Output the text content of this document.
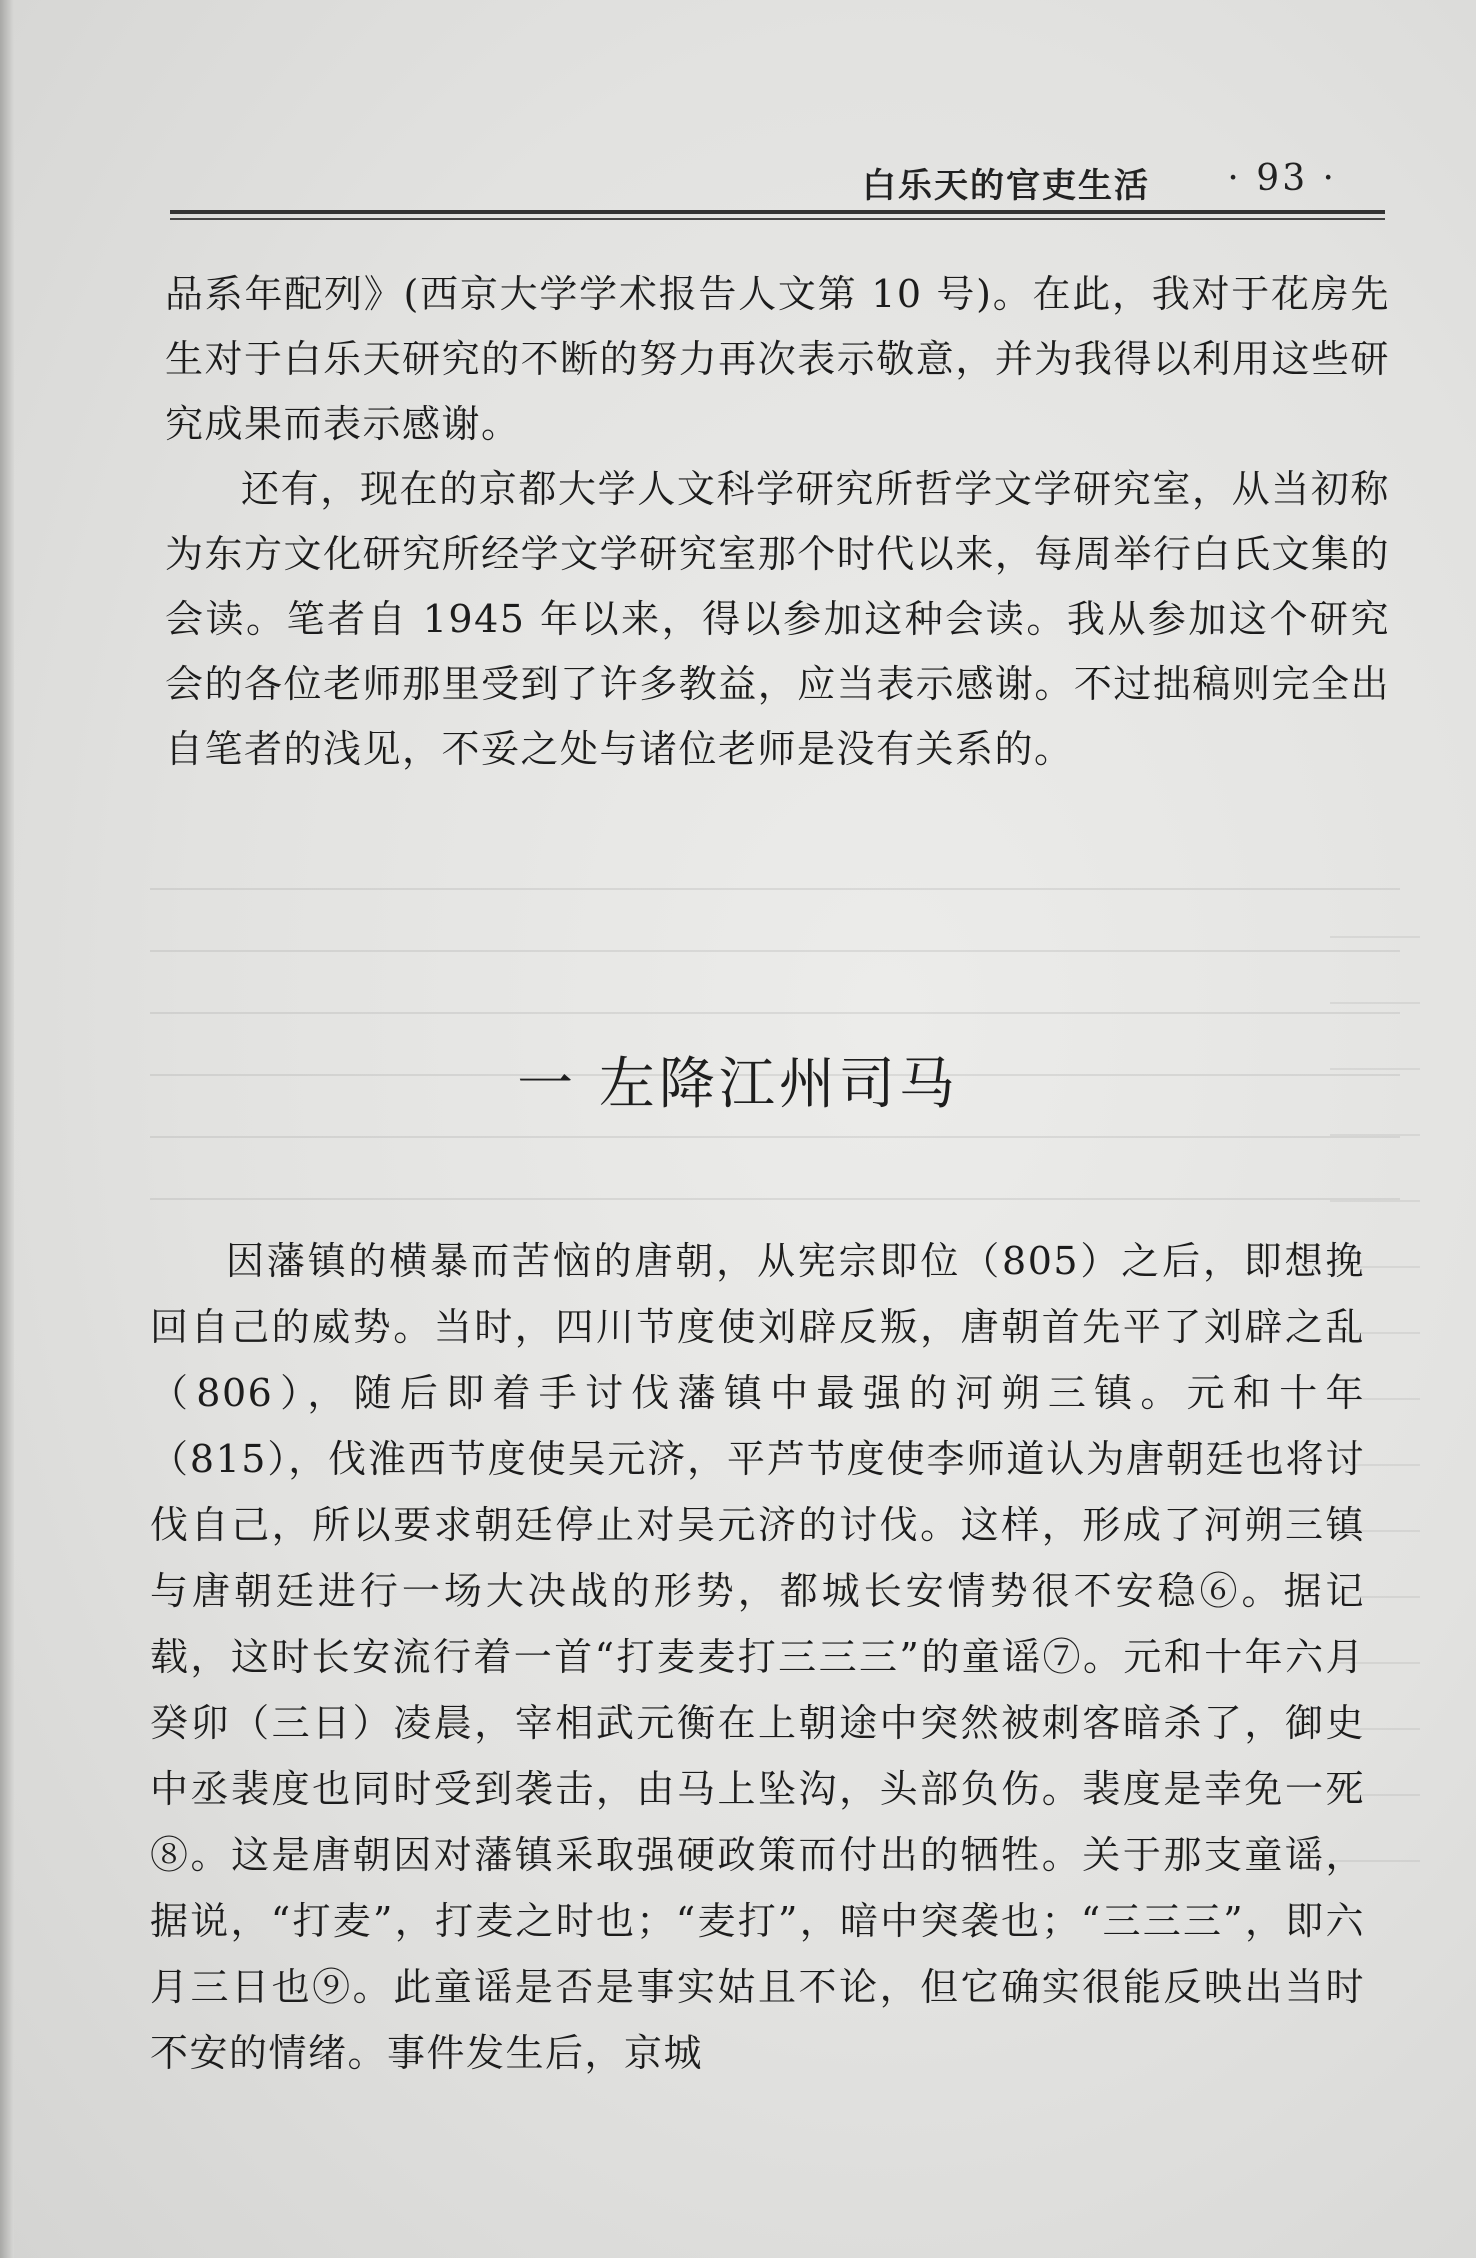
白乐天的官吏生活 · 93 ·

品系年配列》(西京大学学术报告人文第 10 号)。在此，我对于花房先生对于白乐天研究的不断的努力再次表示敬意，并为我得以利用这些研究成果而表示感谢。

还有，现在的京都大学人文科学研究所哲学文学研究室，从当初称为东方文化研究所经学文学研究室那个时代以来，每周举行白氏文集的会读。笔者自 1945 年以来，得以参加这种会读。我从参加这个研究会的各位老师那里受到了许多教益，应当表示感谢。不过拙稿则完全出自笔者的浅见，不妥之处与诸位老师是没有关系的。

一 左降江州司马

因藩镇的横暴而苦恼的唐朝，从宪宗即位（805）之后，即想挽回自己的威势。当时，四川节度使刘辟反叛，唐朝首先平了刘辟之乱（806），随后即着手讨伐藩镇中最强的河朔三镇。元和十年（815），伐淮西节度使吴元济，平芦节度使李师道认为唐朝廷也将讨伐自己，所以要求朝廷停止对吴元济的讨伐。这样，形成了河朔三镇与唐朝廷进行一场大决战的形势，都城长安情势很不安稳⑥。据记载，这时长安流行着一首“打麦麦打三三三”的童谣⑦。元和十年六月癸卯（三日）凌晨，宰相武元衡在上朝途中突然被刺客暗杀了，御史中丞裴度也同时受到袭击，由马上坠沟，头部负伤。裴度是幸免一死⑧。这是唐朝因对藩镇采取强硬政策而付出的牺牲。关于那支童谣，据说，“打麦”，打麦之时也；“麦打”，暗中突袭也；“三三三”，即六月三日也⑨。此童谣是否是事实姑且不论，但它确实很能反映出当时不安的情绪。事件发生后，京城
